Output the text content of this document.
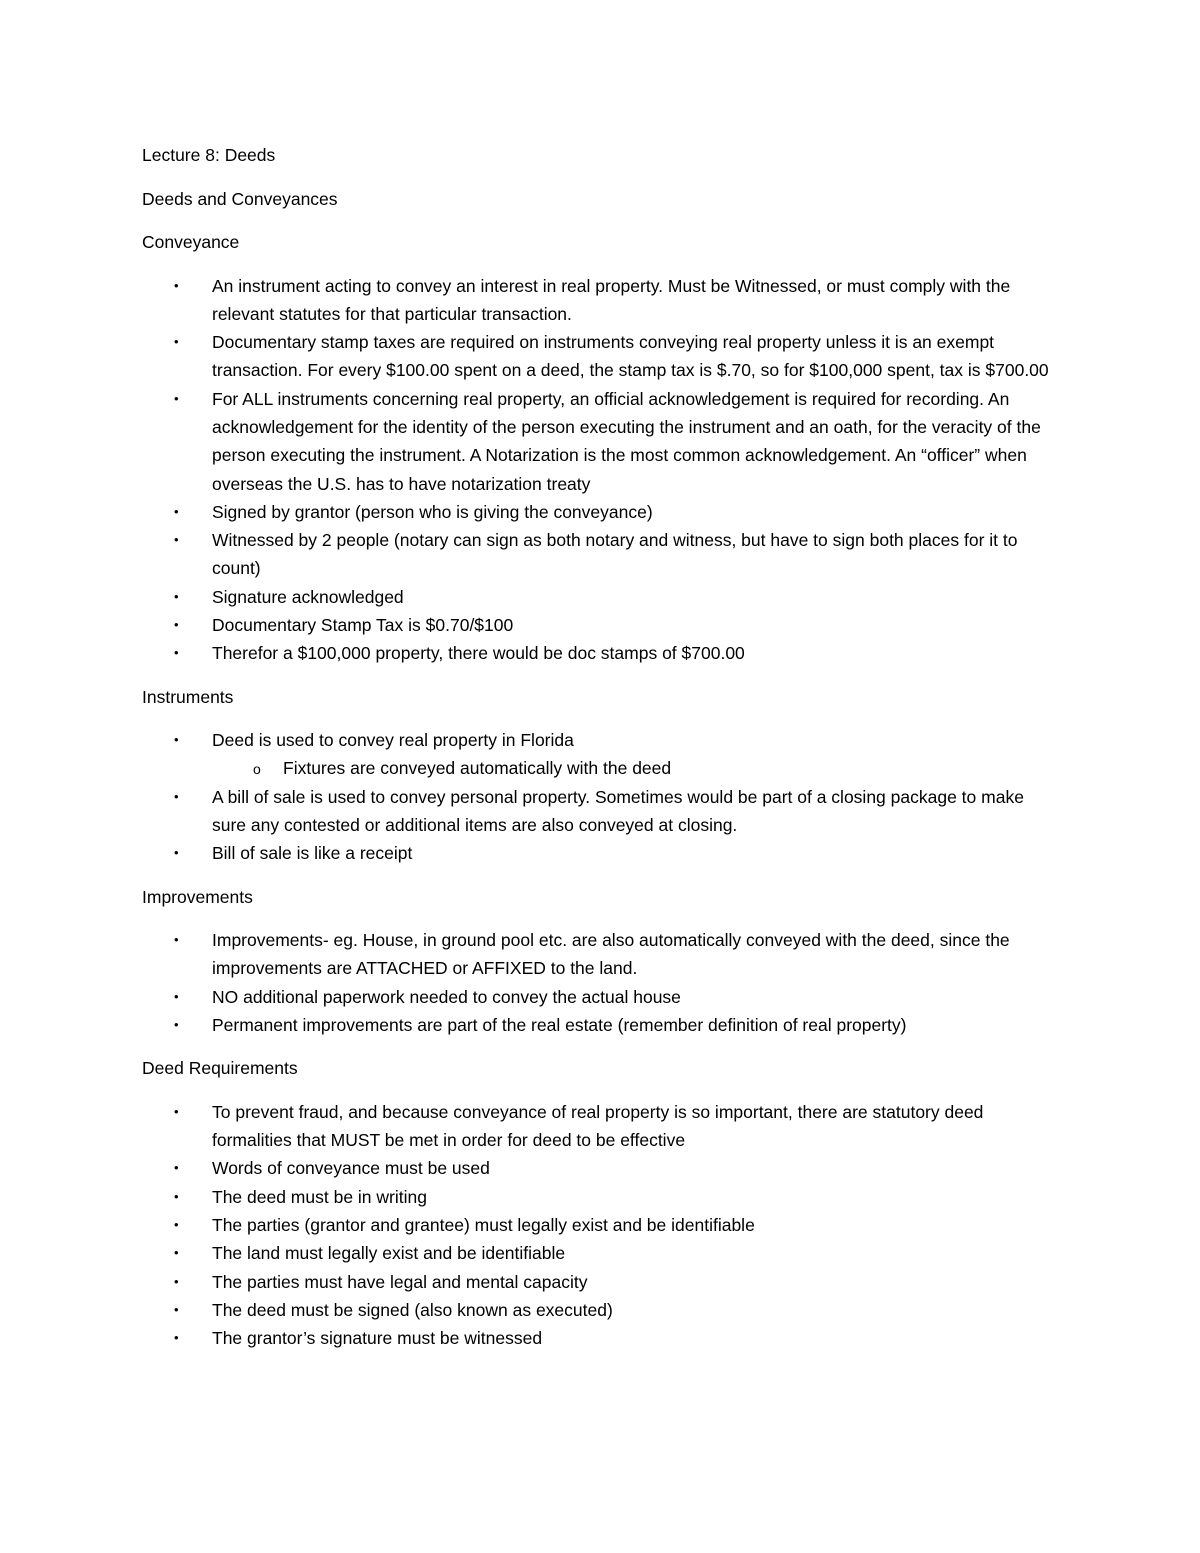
Lecture 8: Deeds
Deeds and Conveyances
Conveyance
• An instrument acting to convey an interest in real property. Must be Witnessed, or must comply with the relevant statutes for that particular transaction.
• Documentary stamp taxes are required on instruments conveying real property unless it is an exempt transaction. For every $100.00 spent on a deed, the stamp tax is $.70, so for $100,000 spent, tax is $700.00
• For ALL instruments concerning real property, an official acknowledgement is required for recording. An acknowledgement for the identity of the person executing the instrument and an oath, for the veracity of the person executing the instrument. A Notarization is the most common acknowledgement. An “officer” when overseas the U.S. has to have notarization treaty
• Signed by grantor (person who is giving the conveyance)
• Witnessed by 2 people (notary can sign as both notary and witness, but have to sign both places for it to count)
• Signature acknowledged
• Documentary Stamp Tax is $0.70/$100
• Therefor a $100,000 property, there would be doc stamps of $700.00
Instruments
• Deed is used to convey real property in Florida
o Fixtures are conveyed automatically with the deed
• A bill of sale is used to convey personal property. Sometimes would be part of a closing package to make sure any contested or additional items are also conveyed at closing.
• Bill of sale is like a receipt
Improvements
• Improvements- eg. House, in ground pool etc. are also automatically conveyed with the deed, since the improvements are ATTACHED or AFFIXED to the land.
• NO additional paperwork needed to convey the actual house
• Permanent improvements are part of the real estate (remember definition of real property)
Deed Requirements
• To prevent fraud, and because conveyance of real property is so important, there are statutory deed formalities that MUST be met in order for deed to be effective
• Words of conveyance must be used
• The deed must be in writing
• The parties (grantor and grantee) must legally exist and be identifiable
• The land must legally exist and be identifiable
• The parties must have legal and mental capacity
• The deed must be signed (also known as executed)
• The grantor’s signature must be witnessed
